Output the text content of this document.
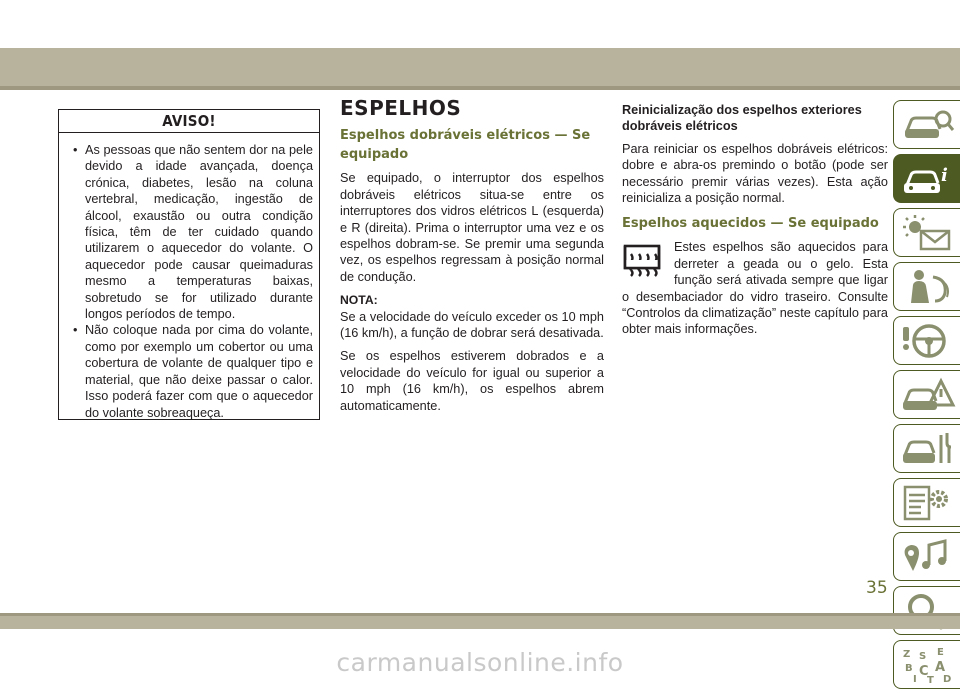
AVISO!
• As pessoas que não sentem dor na pele devido a idade avançada, doença crónica, diabetes, lesão na coluna vertebral, medicação, ingestão de álcool, exaustão ou outra condição física, têm de ter cuidado quando utilizarem o aquecedor do volante. O aquecedor pode causar queimaduras mesmo a temperaturas baixas, sobretudo se for utilizado durante longos períodos de tempo.
• Não coloque nada por cima do volante, como por exemplo um cobertor ou uma cobertura de volante de qualquer tipo e material, que não deixe passar o calor. Isso poderá fazer com que o aquecedor do volante sobreaqueça.
ESPELHOS
Espelhos dobráveis elétricos — Se equipado

Se equipado, o interruptor dos espelhos dobráveis elétricos situa-se entre os interruptores dos vidros elétricos L (esquerda) e R (direita). Prima o interruptor uma vez e os espelhos dobram-se. Se premir uma segunda vez, os espelhos regressam à posição normal de condução.

NOTA:

Se a velocidade do veículo exceder os 10 mph (16 km/h), a função de dobrar será desativada.

Se os espelhos estiverem dobrados e a velocidade do veículo for igual ou superior a 10 mph (16 km/h), os espelhos abrem automaticamente.

Reinicialização dos espelhos exteriores dobráveis elétricos

Para reiniciar os espelhos dobráveis elétricos: dobre e abra-os premindo o botão (pode ser necessário premir várias vezes). Esta ação reinicializa a posição normal.

Espelhos aquecidos — Se equipado

Estes espelhos são aquecidos para derreter a geada ou o gelo. Esta função será ativada sempre que ligar o desembaciador do vidro traseiro. Consulte “Controlos da climatização” neste capítulo para obter mais informações.

i
Z	E
S
B A
I
C
T D
35
carmanualsonline.info
